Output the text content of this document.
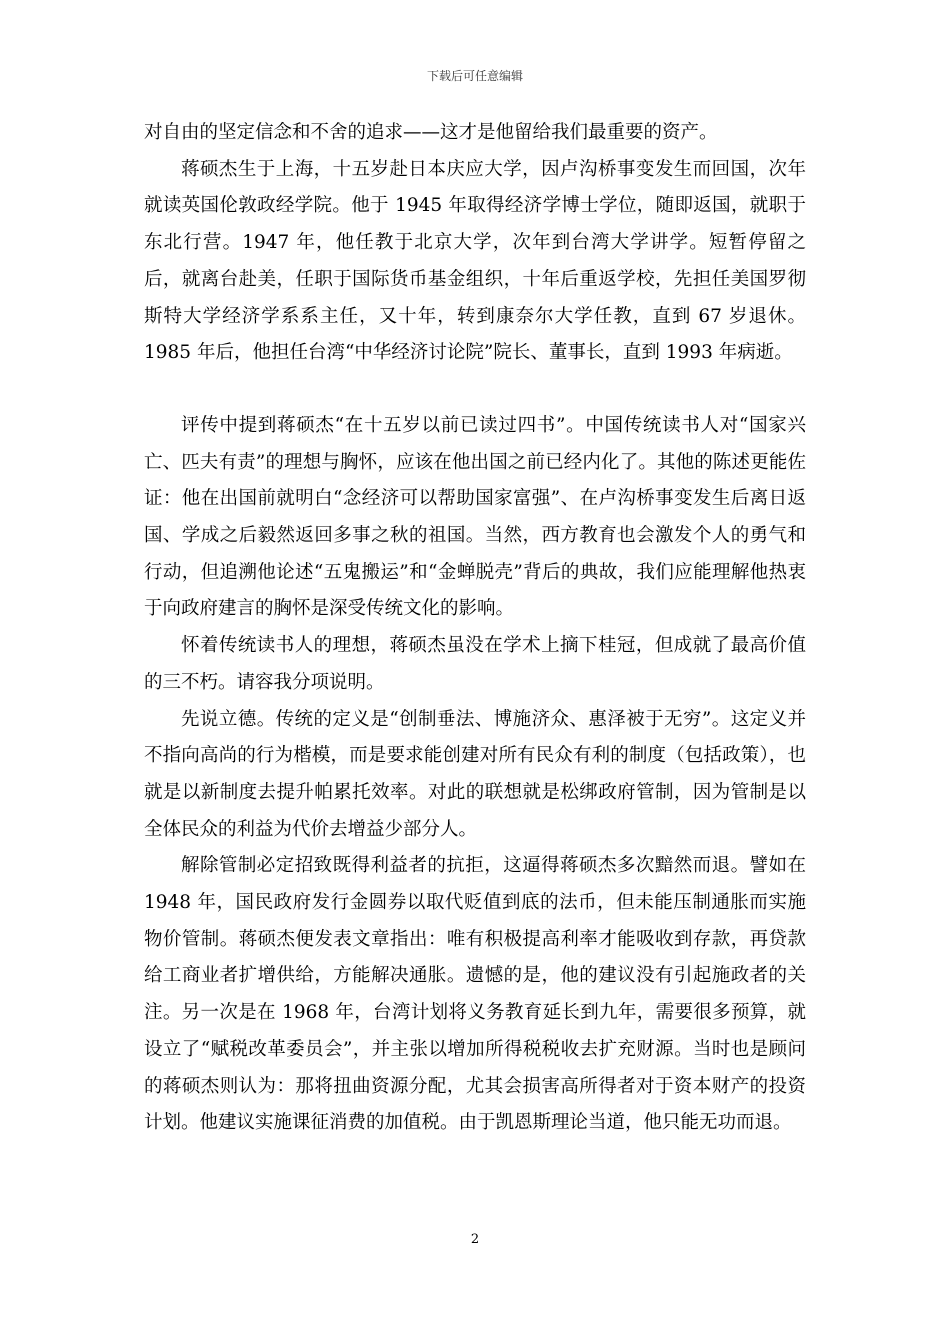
下载后可任意编辑

对自由的坚定信念和不舍的追求——这才是他留给我们最重要的资产。

蒋硕杰生于上海，十五岁赴日本庆应大学，因卢沟桥事变发生而回国，次年就读英国伦敦政经学院。他于 1945 年取得经济学博士学位，随即返国，就职于东北行营。1947 年，他任教于北京大学，次年到台湾大学讲学。短暂停留之后，就离台赴美，任职于国际货币基金组织，十年后重返学校，先担任美国罗彻斯特大学经济学系系主任，又十年，转到康奈尔大学任教，直到 67 岁退休。1985 年后，他担任台湾“中华经济讨论院”院长、董事长，直到 1993 年病逝。

评传中提到蒋硕杰“在十五岁以前已读过四书”。中国传统读书人对“国家兴亡、匹夫有责”的理想与胸怀，应该在他出国之前已经内化了。其他的陈述更能佐证：他在出国前就明白“念经济可以帮助国家富强”、在卢沟桥事变发生后离日返国、学成之后毅然返回多事之秋的祖国。当然，西方教育也会激发个人的勇气和行动，但追溯他论述“五鬼搬运”和“金蝉脱壳”背后的典故，我们应能理解他热衷于向政府建言的胸怀是深受传统文化的影响。

怀着传统读书人的理想，蒋硕杰虽没在学术上摘下桂冠，但成就了最高价值的三不朽。请容我分项说明。

先说立德。传统的定义是“创制垂法、博施济众、惠泽被于无穷”。这定义并不指向高尚的行为楷模，而是要求能创建对所有民众有利的制度（包括政策），也就是以新制度去提升帕累托效率。对此的联想就是松绑政府管制，因为管制是以全体民众的利益为代价去增益少部分人。

解除管制必定招致既得利益者的抗拒，这逼得蒋硕杰多次黯然而退。譬如在 1948 年，国民政府发行金圆券以取代贬值到底的法币，但未能压制通胀而实施物价管制。蒋硕杰便发表文章指出：唯有积极提高利率才能吸收到存款，再贷款给工商业者扩增供给，方能解决通胀。遗憾的是，他的建议没有引起施政者的关注。另一次是在 1968 年，台湾计划将义务教育延长到九年，需要很多预算，就设立了“赋税改革委员会”，并主张以增加所得税税收去扩充财源。当时也是顾问的蒋硕杰则认为：那将扭曲资源分配，尤其会损害高所得者对于资本财产的投资计划。他建议实施课征消费的加值税。由于凯恩斯理论当道，他只能无功而退。

2
